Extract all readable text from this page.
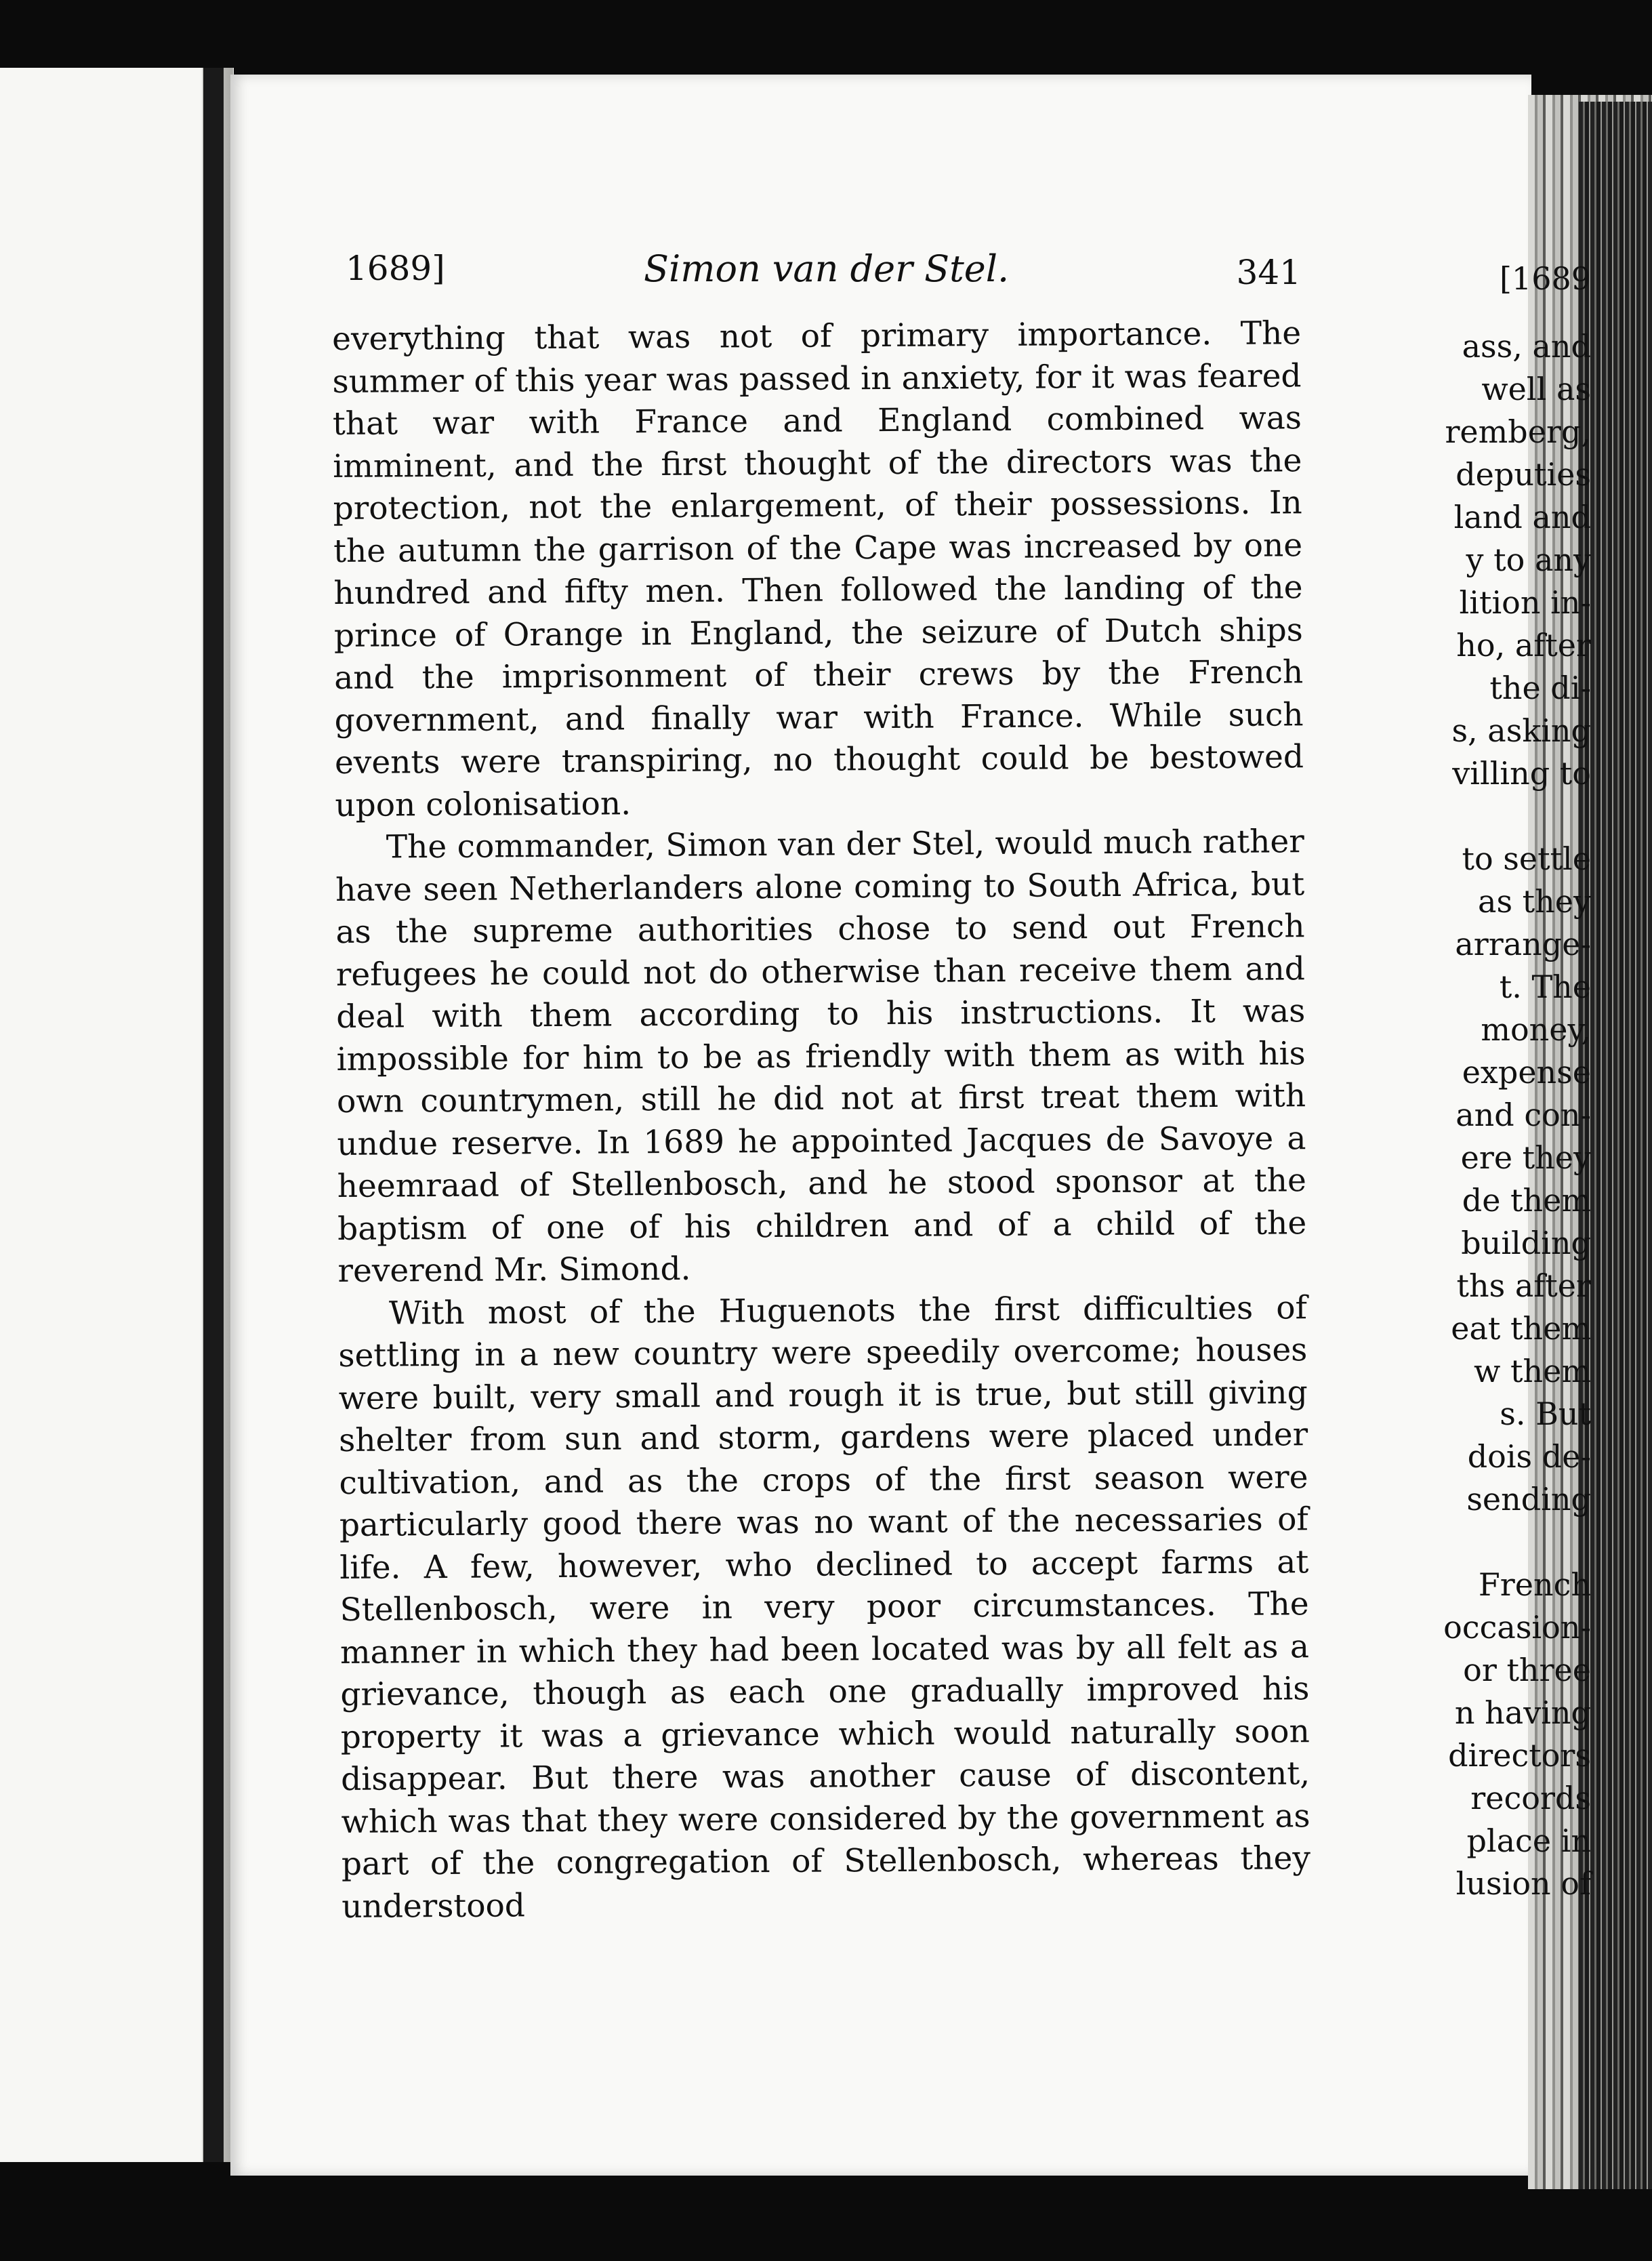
[1689
ass, and
well as
remberg,
deputies
land and
y to any
lition in-
ho, after
the di-
s, asking
villing to
to settle
as they
arrange-
t. The
money,
expense
and con-
ere they
de them
building
ths after
eat them
w them
s. But
dois de-
sending
French
occasion-
or three
n having
directors
records
place in
lusion of
1689]	Simon van der Stel.	341

everything that was not of primary importance. The summer of this year was passed in anxiety, for it was feared that war with France and England combined was imminent, and the first thought of the directors was the protection, not the enlargement, of their possessions. In the autumn the garrison of the Cape was increased by one hundred and fifty men. Then followed the landing of the prince of Orange in England, the seizure of Dutch ships and the imprisonment of their crews by the French government, and finally war with France. While such events were transpiring, no thought could be bestowed upon colonisation.

The commander, Simon van der Stel, would much rather have seen Netherlanders alone coming to South Africa, but as the supreme authorities chose to send out French refugees he could not do otherwise than receive them and deal with them according to his instructions. It was impossible for him to be as friendly with them as with his own countrymen, still he did not at first treat them with undue reserve. In 1689 he appointed Jacques de Savoye a heemraad of Stellenbosch, and he stood sponsor at the baptism of one of his children and of a child of the reverend Mr. Simond.

With most of the Huguenots the first difficulties of settling in a new country were speedily overcome; houses were built, very small and rough it is true, but still giving shelter from sun and storm, gardens were placed under cultivation, and as the crops of the first season were particularly good there was no want of the necessaries of life. A few, however, who declined to accept farms at Stellenbosch, were in very poor circumstances. The manner in which they had been located was by all felt as a grievance, though as each one gradually improved his property it was a grievance which would naturally soon disappear. But there was another cause of discontent, which was that they were considered by the government as part of the congregation of Stellenbosch, whereas they understood
